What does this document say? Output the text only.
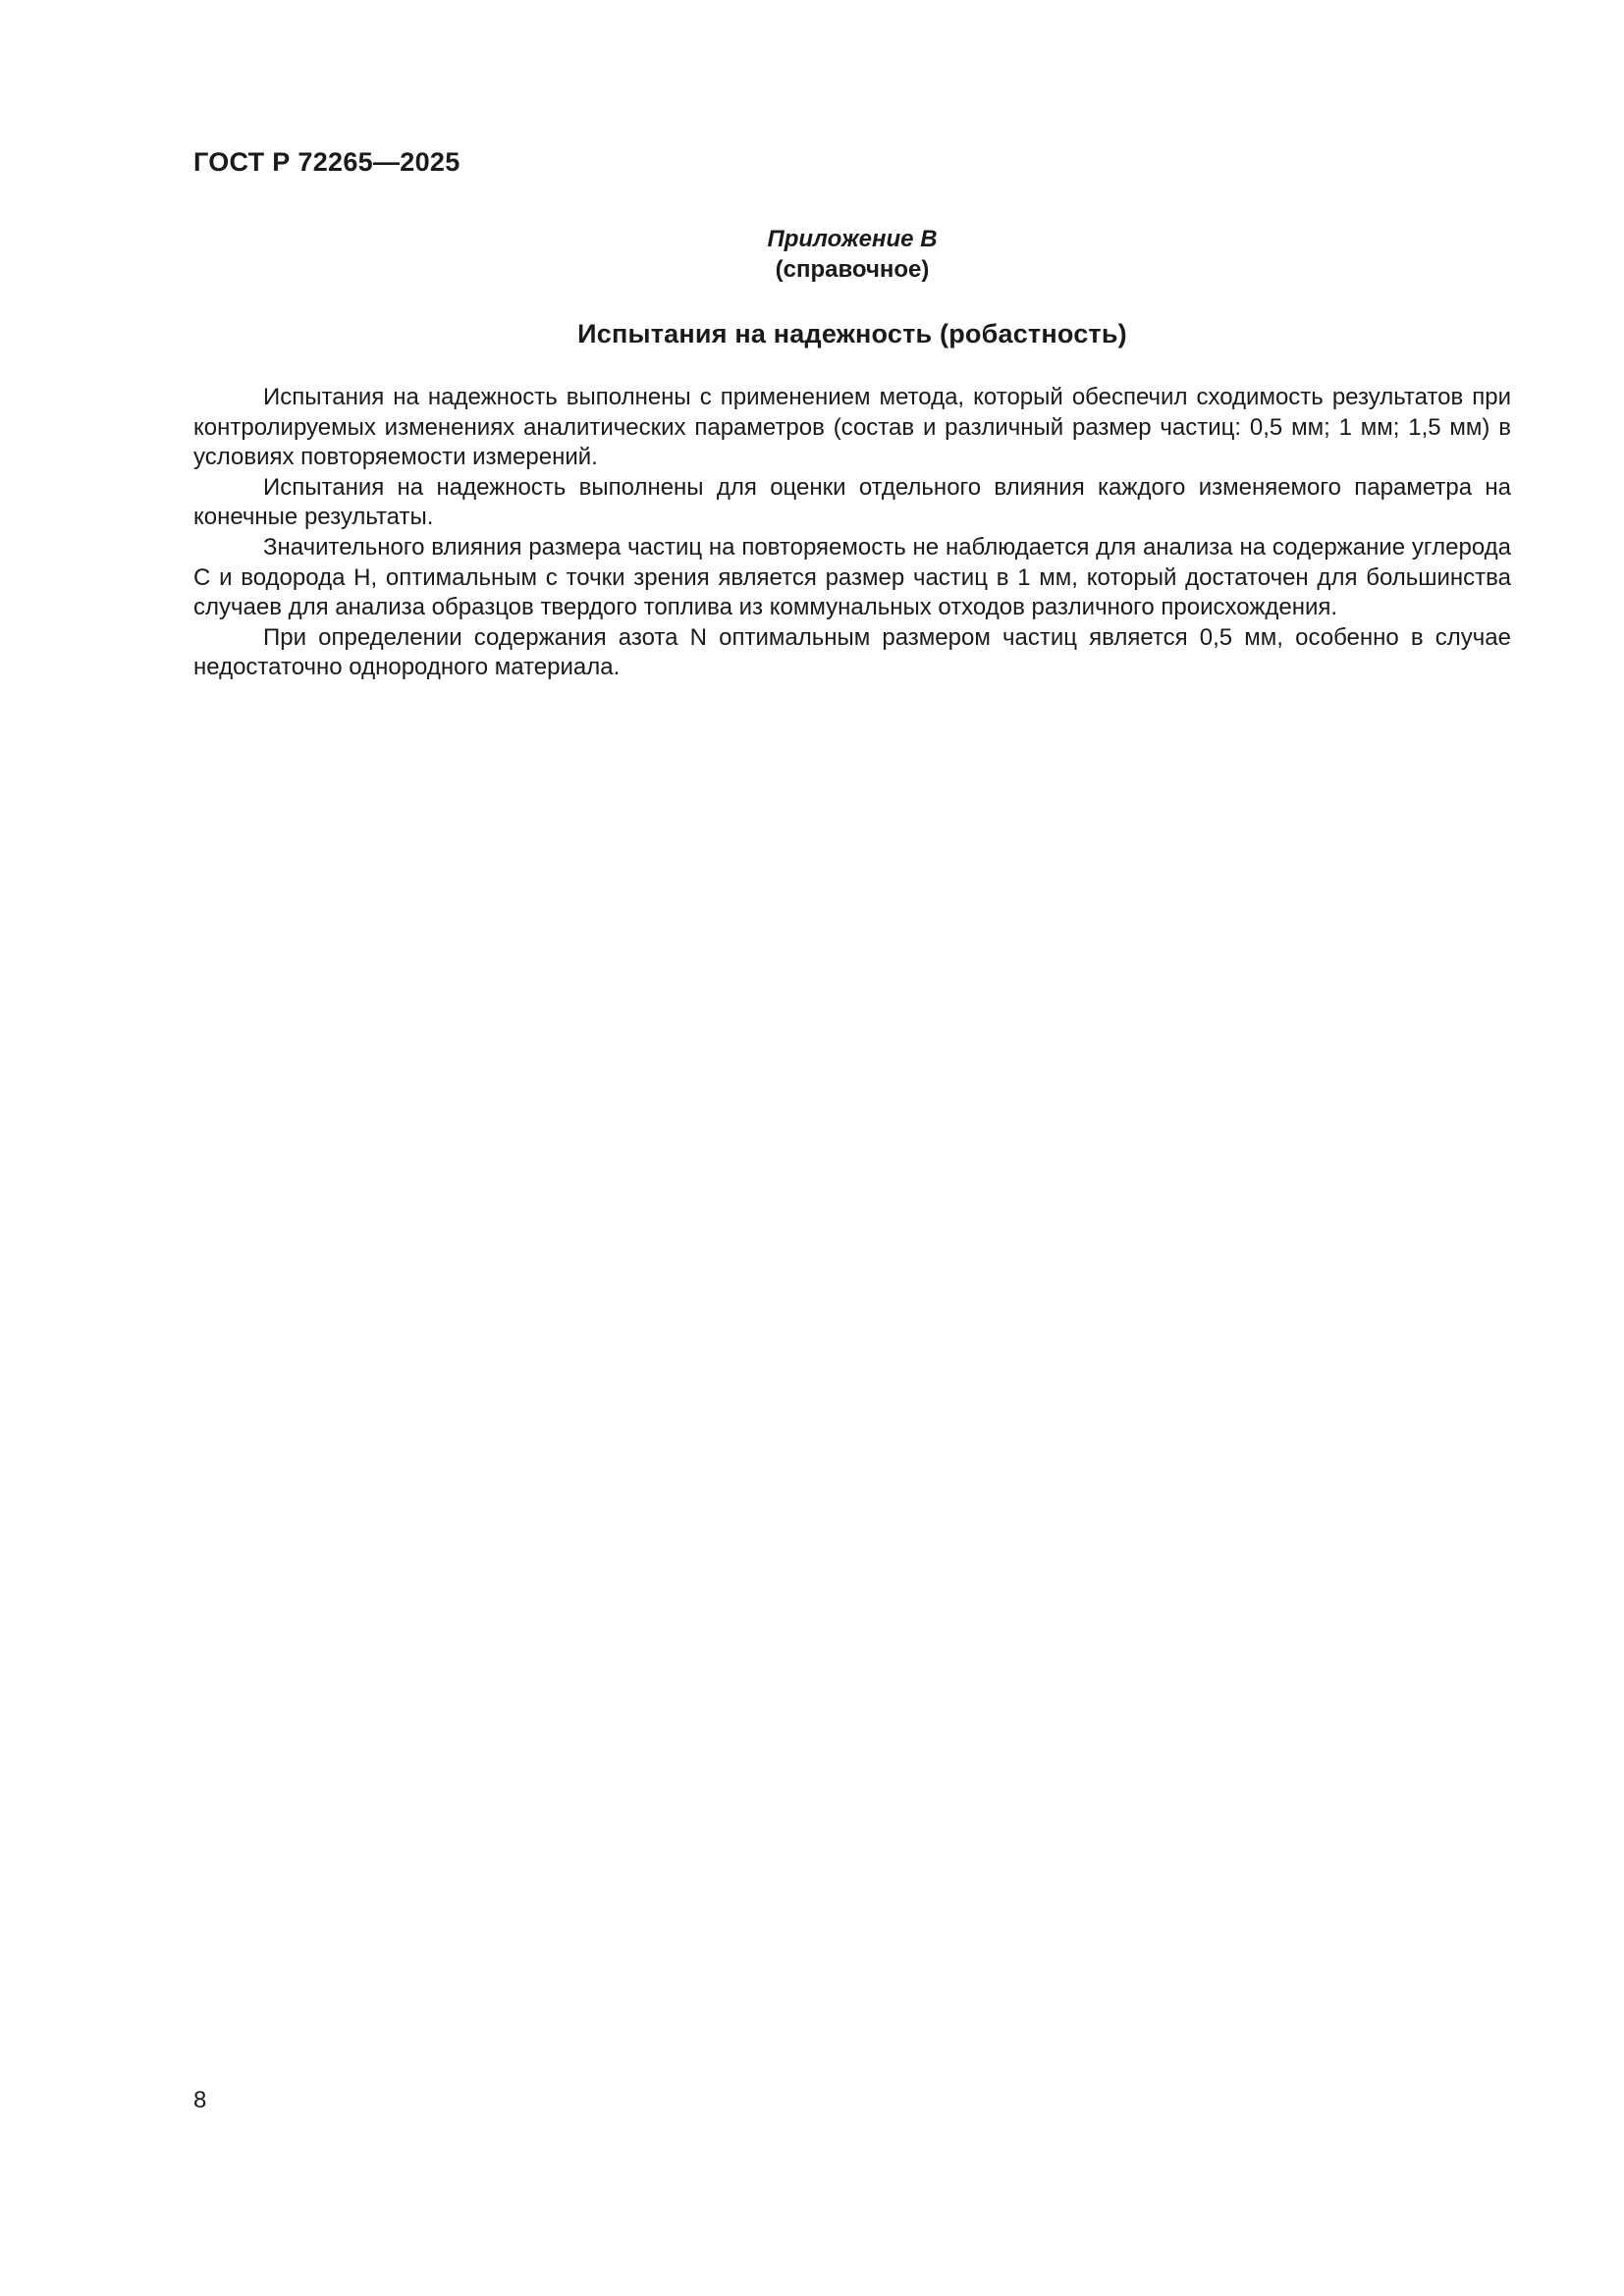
ГОСТ Р 72265—2025
Приложение В
(справочное)
Испытания на надежность (робастность)

Испытания на надежность выполнены с применением метода, который обеспечил сходимость результатов при контролируемых изменениях аналитических параметров (состав и различный размер частиц: 0,5 мм; 1 мм; 1,5 мм) в условиях повторяемости измерений.

Испытания на надежность выполнены для оценки отдельного влияния каждого изменяемого параметра на конечные результаты.

Значительного влияния размера частиц на повторяемость не наблюдается для анализа на содержание углерода С и водорода Н, оптимальным с точки зрения является размер частиц в 1 мм, который достаточен для большинства случаев для анализа образцов твердого топлива из коммунальных отходов различного происхождения.

При определении содержания азота N оптимальным размером частиц является 0,5 мм, особенно в случае недостаточно однородного материала.

8
